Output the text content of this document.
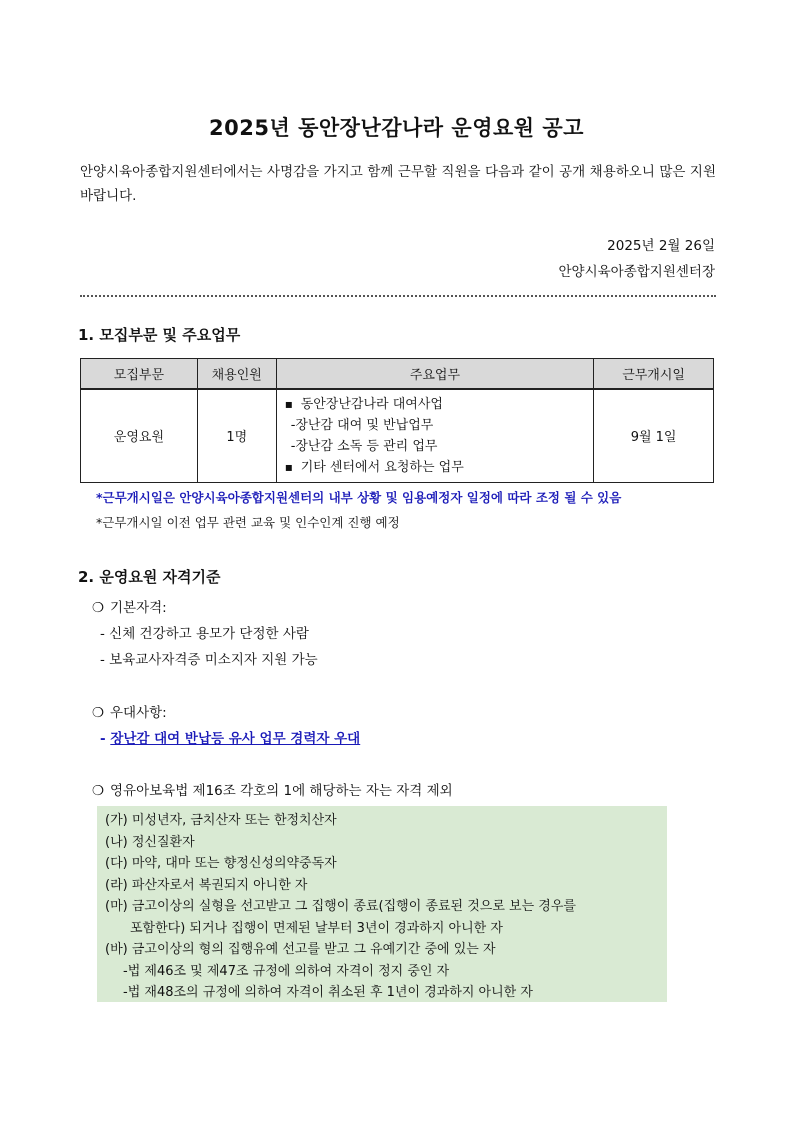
2025년 동안장난감나라 운영요원 공고
안양시육아종합지원센터에서는 사명감을 가지고 함께 근무할 직원을 다음과 같이 공개 채용하오니 많은 지원 바랍니다.
2025년 2월 26일
안양시육아종합지원센터장
1. 모집부문 및 주요업무
모집부문	채용인원	주요업무	근무개시일
운영요원	1명	▪ 동안장난감나라 대여사업
-장난감 대여 및 반납업무
-장난감 소독 등 관리 업무
▪ 기타 센터에서 요청하는 업무	9월 1일
*근무개시일은 안양시육아종합지원센터의 내부 상황 및 임용예정자 일정에 따라 조정 될 수 있음
*근무개시일 이전 업무 관련 교육 및 인수인계 진행 예정
2. 운영요원 자격기준
❍ 기본자격:
- 신체 건강하고 용모가 단정한 사람
- 보육교사자격증 미소지자 지원 가능
❍ 우대사항:
- 장난감 대여 반납등 유사 업무 경력자 우대
❍ 영유아보육법 제16조 각호의 1에 해당하는 자는 자격 제외
(가) 미성년자, 금치산자 또는 한정치산자
(나) 정신질환자
(다) 마약, 대마 또는 향정신성의약중독자
(라) 파산자로서 복권되지 아니한 자
(마) 금고이상의 실형을 선고받고 그 집행이 종료(집행이 종료된 것으로 보는 경우를
포함한다) 되거나 집행이 면제된 날부터 3년이 경과하지 아니한 자
(바) 금고이상의 형의 집행유예 선고를 받고 그 유예기간 중에 있는 자
-법 제46조 및 제47조 규정에 의하여 자격이 정지 중인 자
-법 재48조의 규정에 의하여 자격이 취소된 후 1년이 경과하지 아니한 자
